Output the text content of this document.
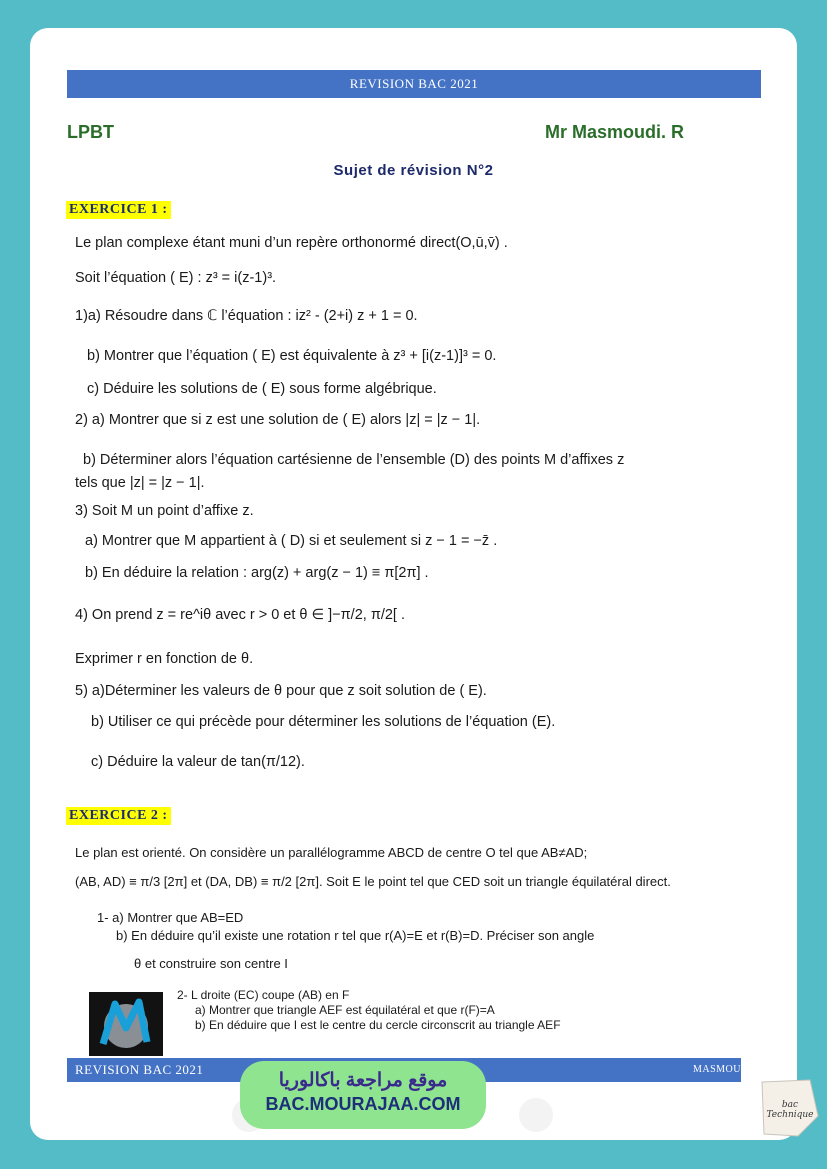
REVISION BAC 2021
LPBT	Mr Masmoudi. R
Sujet de révision N°2
EXERCICE 1 :
Le plan complexe étant muni d’un repère orthonormé direct(O,ū,v̄) .
Soit l’équation ( E) : z³ = i(z-1)³.
1)a) Résoudre dans ℂ l’équation : iz² - (2+i) z + 1 = 0.
b) Montrer que l’équation ( E) est équivalente à z³ + [i(z-1)]³ = 0.
c) Déduire les solutions de ( E) sous forme algébrique.
2) a) Montrer que si z est une solution de ( E) alors |z| = |z − 1|.
b) Déterminer alors l’équation cartésienne de l’ensemble (D) des points M d’affixes z
tels que |z| = |z − 1|.
3) Soit M un point d’affixe z.
a) Montrer que M appartient à ( D) si et seulement si z − 1 = −z̄ .
b) En déduire la relation : arg(z) + arg(z − 1) ≡ π[2π] .
4) On prend z = re^iθ avec r > 0 et θ ∈ ]−π/2, π/2[ .
Exprimer r en fonction de θ.
5) a)Déterminer les valeurs de θ pour que z soit solution de ( E).
b) Utiliser ce qui précède pour déterminer les solutions de l’équation (E).
c) Déduire la valeur de tan(π/12).
EXERCICE 2 :
Le plan est orienté. On considère un parallélogramme ABCD de centre O tel que AB≠AD;
(AB, AD) ≡ π/3 [2π] et (DA, DB) ≡ π/2 [2π]. Soit E le point tel que CED soit un triangle équilatéral direct.
1- a) Montrer que AB=ED
b) En déduire qu’il existe une rotation r tel que r(A)=E et r(B)=D. Préciser son angle
θ et construire son centre I
2- L droite (EC) coupe (AB) en F
a) Montrer que triangle AEF est équilatéral et que r(F)=A
b) En déduire que I est le centre du cercle circonscrit au triangle AEF
REVISION BAC 2021	MASMOU
موقع مراجعة باكالوريا
BAC.MOURAJAA.COM	bac Technique
